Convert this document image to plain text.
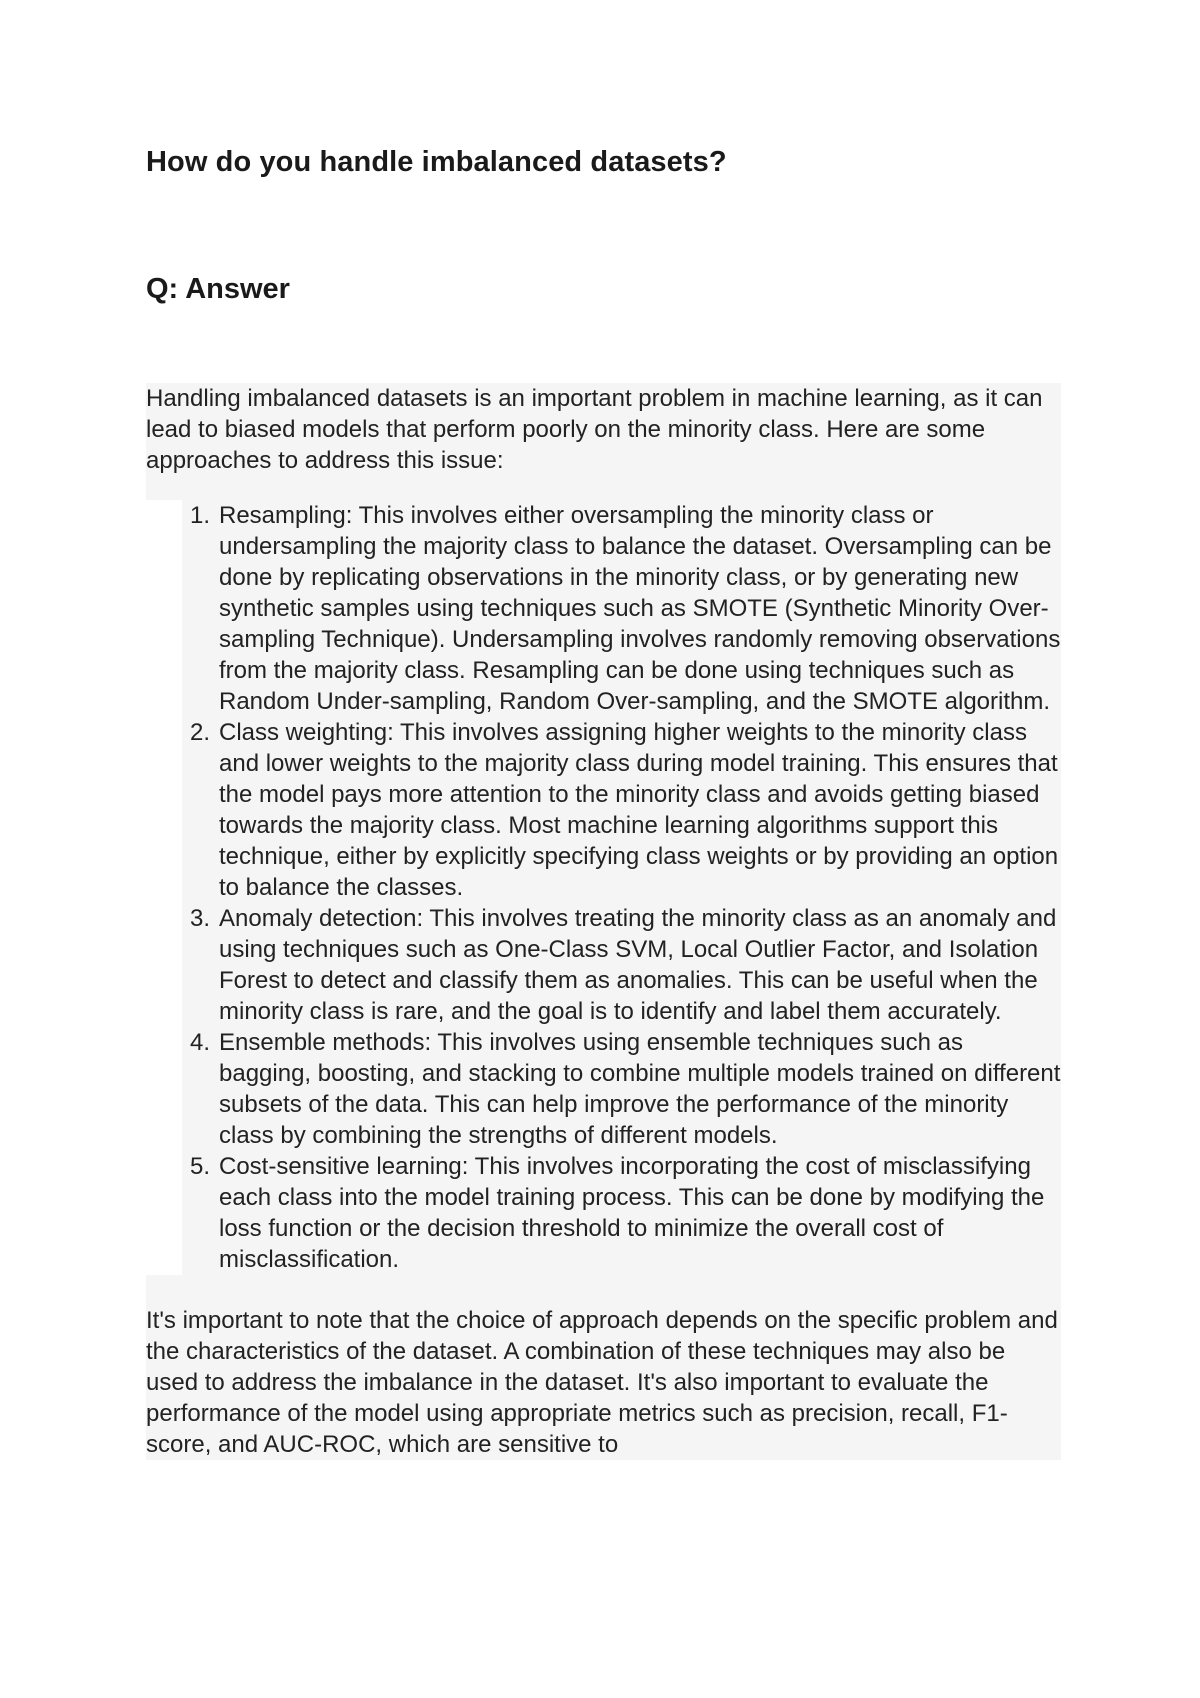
How do you handle imbalanced datasets?
Q: Answer

Handling imbalanced datasets is an important problem in machine learning, as it can lead to biased models that perform poorly on the minority class. Here are some approaches to address this issue:

1. Resampling: This involves either oversampling the minority class or undersampling the majority class to balance the dataset. Oversampling can be done by replicating observations in the minority class, or by generating new synthetic samples using techniques such as SMOTE (Synthetic Minority Over-sampling Technique). Undersampling involves randomly removing observations from the majority class. Resampling can be done using techniques such as Random Under-sampling, Random Over-sampling, and the SMOTE algorithm.
2. Class weighting: This involves assigning higher weights to the minority class and lower weights to the majority class during model training. This ensures that the model pays more attention to the minority class and avoids getting biased towards the majority class. Most machine learning algorithms support this technique, either by explicitly specifying class weights or by providing an option to balance the classes.
3. Anomaly detection: This involves treating the minority class as an anomaly and using techniques such as One-Class SVM, Local Outlier Factor, and Isolation Forest to detect and classify them as anomalies. This can be useful when the minority class is rare, and the goal is to identify and label them accurately.
4. Ensemble methods: This involves using ensemble techniques such as bagging, boosting, and stacking to combine multiple models trained on different subsets of the data. This can help improve the performance of the minority class by combining the strengths of different models.
5. Cost-sensitive learning: This involves incorporating the cost of misclassifying each class into the model training process. This can be done by modifying the loss function or the decision threshold to minimize the overall cost of misclassification.

It's important to note that the choice of approach depends on the specific problem and the characteristics of the dataset. A combination of these techniques may also be used to address the imbalance in the dataset. It's also important to evaluate the performance of the model using appropriate metrics such as precision, recall, F1-score, and AUC-ROC, which are sensitive to
